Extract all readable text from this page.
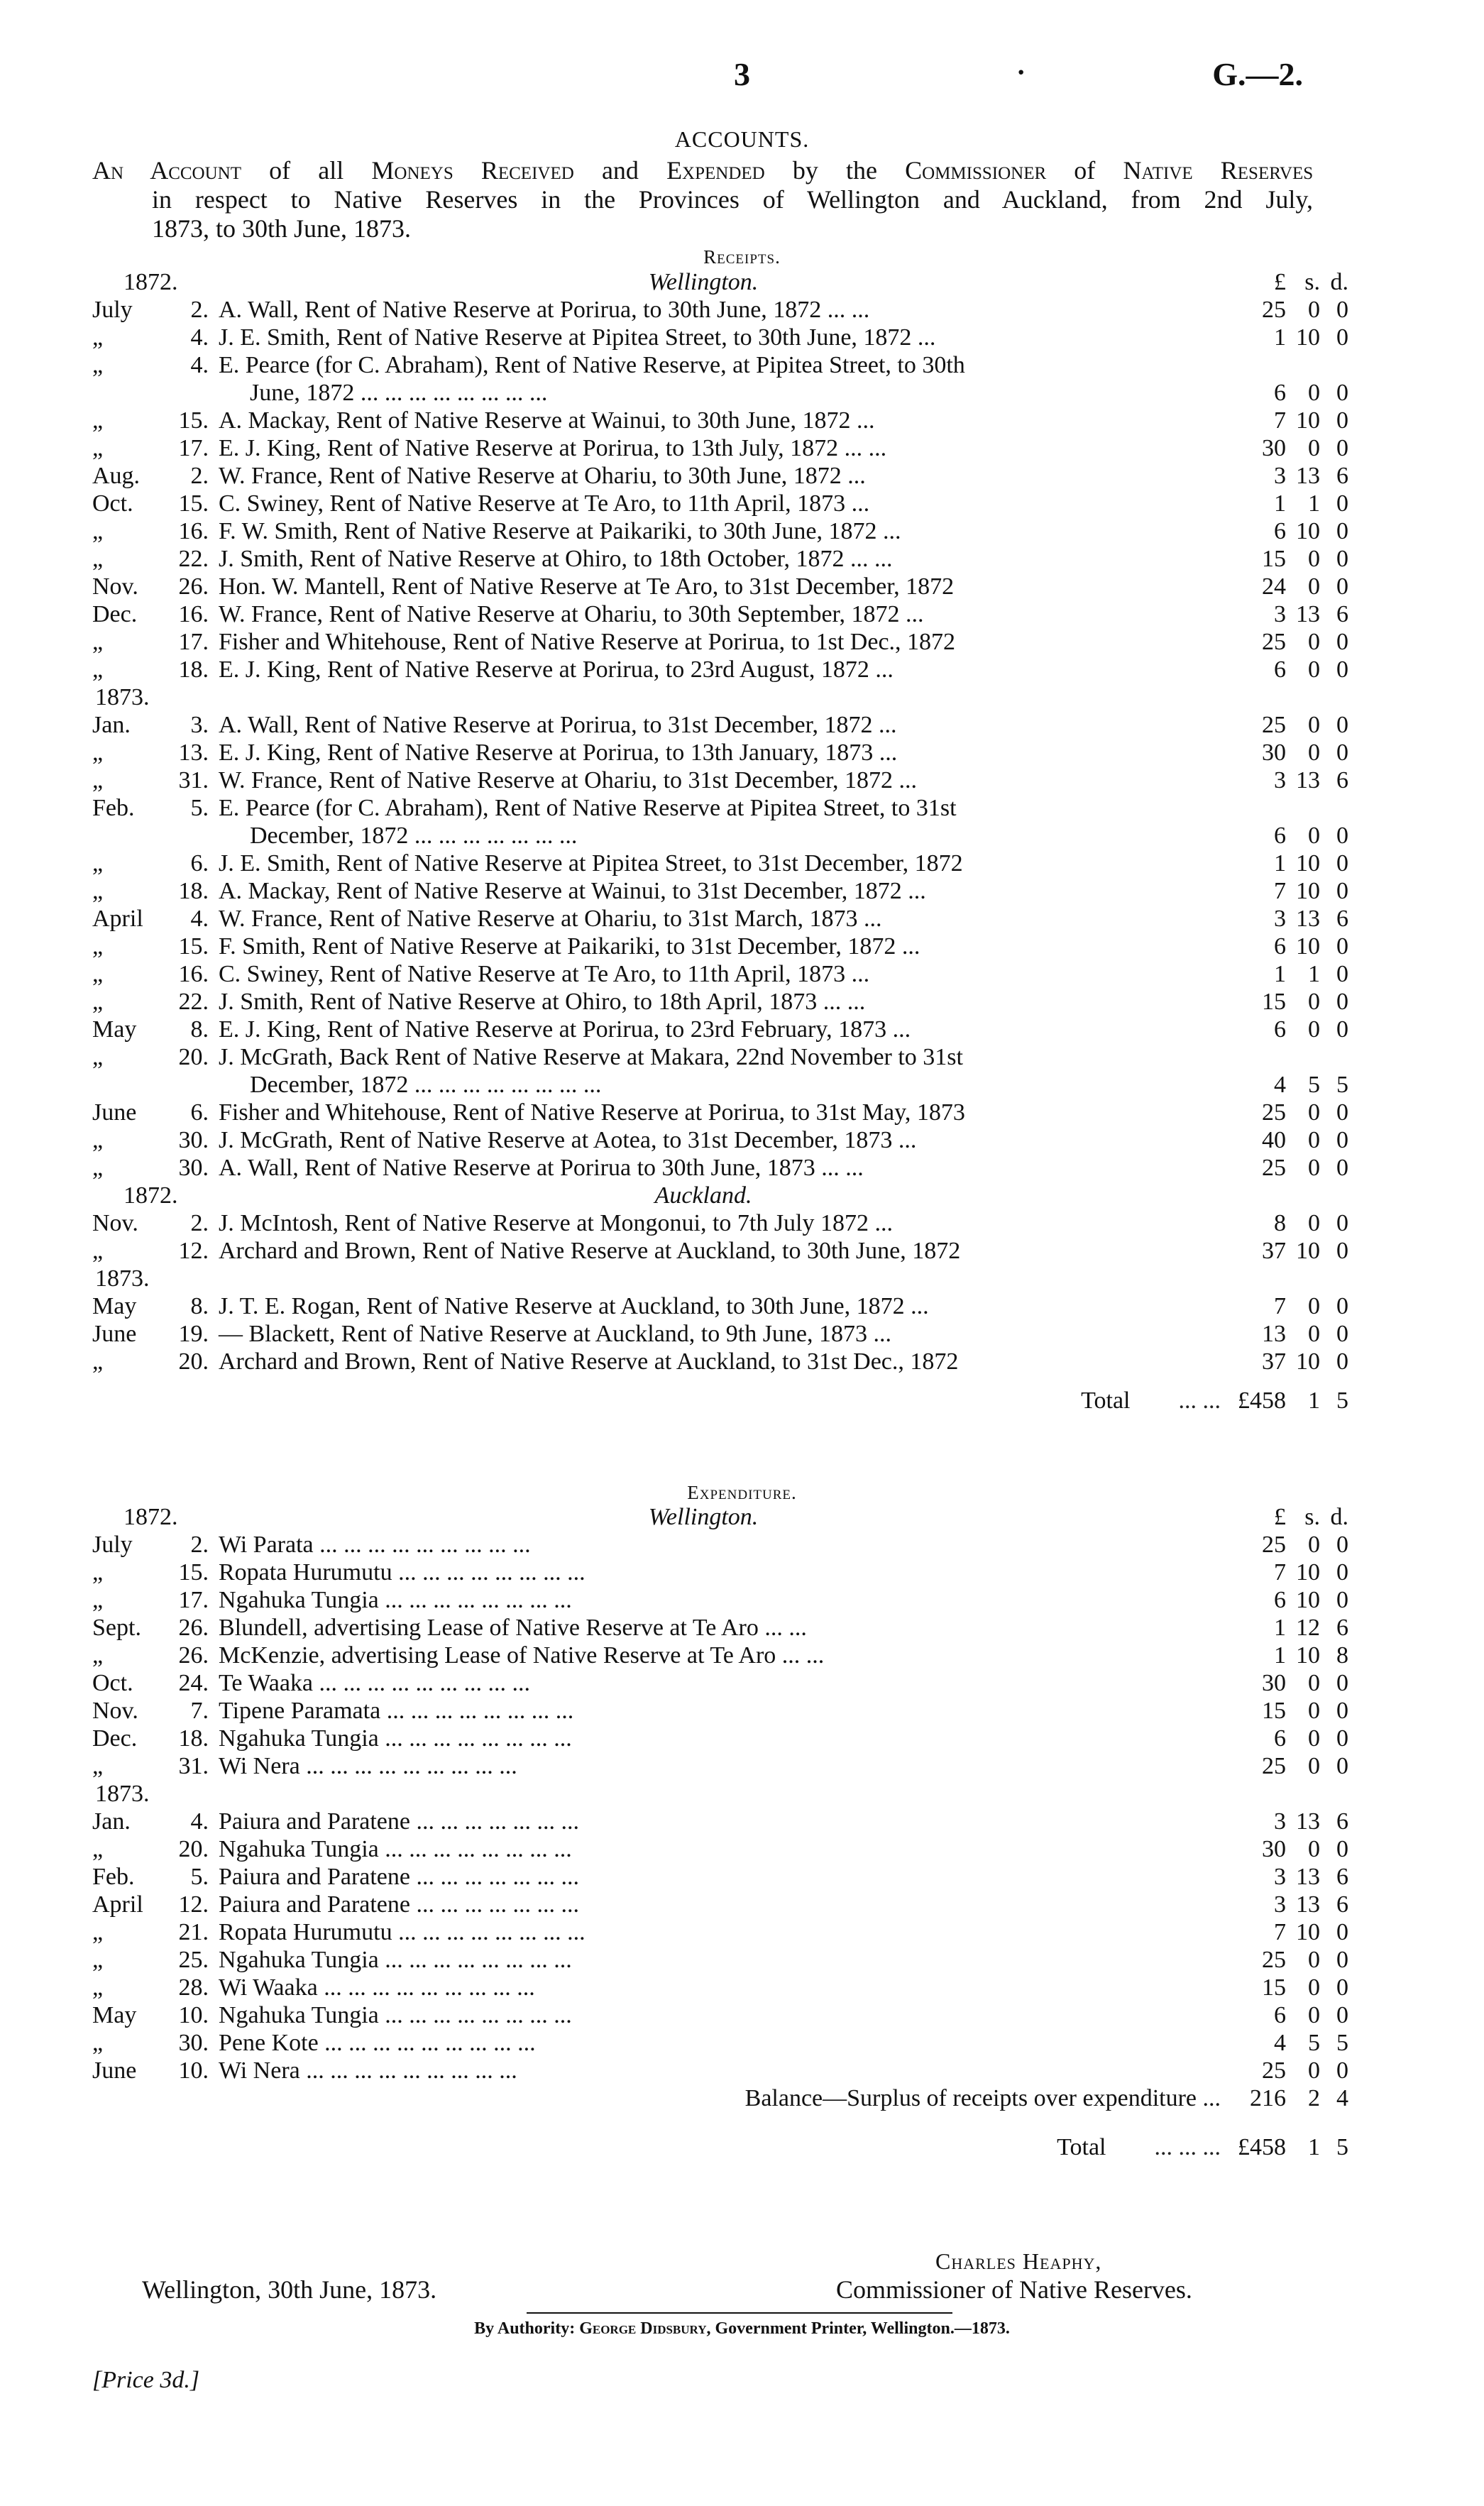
3	·	G.—2.
ACCOUNTS.
An Account of all Moneys Received and Expended by the Commissioner of Native Reserves
in respect to Native Reserves in the Provinces of Wellington and Auckland, from 2nd July,
1873, to 30th June, 1873.
Receipts.
1872.	Wellington.	£ s. d.
July	2. A. Wall, Rent of Native Reserve at Porirua, to 30th June, 1872 ... ...	25 0 0
„	4. J. E. Smith, Rent of Native Reserve at Pipitea Street, to 30th June, 1872 ...	1 10 0
„	4. E. Pearce (for C. Abraham), Rent of Native Reserve, at Pipitea Street, to 30th
June, 1872 ... ... ... ... ... ... ... ...	6 0 0
„	15. A. Mackay, Rent of Native Reserve at Wainui, to 30th June, 1872 ...	7 10 0
„	17. E. J. King, Rent of Native Reserve at Porirua, to 13th July, 1872 ... ...	30 0 0
Aug.	2. W. France, Rent of Native Reserve at Ohariu, to 30th June, 1872 ...	3 13 6
Oct.	15. C. Swiney, Rent of Native Reserve at Te Aro, to 11th April, 1873 ...	1 1 0
„	16. F. W. Smith, Rent of Native Reserve at Paikariki, to 30th June, 1872 ...	6 10 0
„	22. J. Smith, Rent of Native Reserve at Ohiro, to 18th October, 1872 ... ...	15 0 0
Nov.	26. Hon. W. Mantell, Rent of Native Reserve at Te Aro, to 31st December, 1872	24 0 0
Dec.	16. W. France, Rent of Native Reserve at Ohariu, to 30th September, 1872 ...	3 13 6
„	17. Fisher and Whitehouse, Rent of Native Reserve at Porirua, to 1st Dec., 1872	25 0 0
„	18. E. J. King, Rent of Native Reserve at Porirua, to 23rd August, 1872 ...	6 0 0
1873.
Jan.	3. A. Wall, Rent of Native Reserve at Porirua, to 31st December, 1872 ...	25 0 0
„	13. E. J. King, Rent of Native Reserve at Porirua, to 13th January, 1873 ...	30 0 0
„	31. W. France, Rent of Native Reserve at Ohariu, to 31st December, 1872 ...	3 13 6
Feb.	5. E. Pearce (for C. Abraham), Rent of Native Reserve at Pipitea Street, to 31st
December, 1872 ... ... ... ... ... ... ...	6 0 0
„	6. J. E. Smith, Rent of Native Reserve at Pipitea Street, to 31st December, 1872	1 10 0
„	18. A. Mackay, Rent of Native Reserve at Wainui, to 31st December, 1872 ...	7 10 0
April	4. W. France, Rent of Native Reserve at Ohariu, to 31st March, 1873 ...	3 13 6
„	15. F. Smith, Rent of Native Reserve at Paikariki, to 31st December, 1872 ...	6 10 0
„	16. C. Swiney, Rent of Native Reserve at Te Aro, to 11th April, 1873 ...	1 1 0
„	22. J. Smith, Rent of Native Reserve at Ohiro, to 18th April, 1873 ... ...	15 0 0
May	8. E. J. King, Rent of Native Reserve at Porirua, to 23rd February, 1873 ...	6 0 0
„	20. J. McGrath, Back Rent of Native Reserve at Makara, 22nd November to 31st
December, 1872 ... ... ... ... ... ... ... ...	4 5 5
June	6. Fisher and Whitehouse, Rent of Native Reserve at Porirua, to 31st May, 1873	25 0 0
„	30. J. McGrath, Rent of Native Reserve at Aotea, to 31st December, 1873 ...	40 0 0
„	30. A. Wall, Rent of Native Reserve at Porirua to 30th June, 1873 ... ...	25 0 0
1872.	Auckland.
Nov.	2. J. McIntosh, Rent of Native Reserve at Mongonui, to 7th July 1872 ...	8 0 0
„	12. Archard and Brown, Rent of Native Reserve at Auckland, to 30th June, 1872	37 10 0
1873.
May	8. J. T. E. Rogan, Rent of Native Reserve at Auckland, to 30th June, 1872 ...	7 0 0
June	19. — Blackett, Rent of Native Reserve at Auckland, to 9th June, 1873 ...	13 0 0
„	20. Archard and Brown, Rent of Native Reserve at Auckland, to 31st Dec., 1872	37 10 0
Total ... ... £458 1 5
Expenditure.
1872.	Wellington.	£ s. d.
July	2. Wi Parata ... ... ... ... ... ... ... ... ...	25 0 0
„	15. Ropata Hurumutu ... ... ... ... ... ... ... ...	7 10 0
„	17. Ngahuka Tungia ... ... ... ... ... ... ... ...	6 10 0
Sept.	26. Blundell, advertising Lease of Native Reserve at Te Aro ... ...	1 12 6
„	26. McKenzie, advertising Lease of Native Reserve at Te Aro ... ...	1 10 8
Oct.	24. Te Waaka ... ... ... ... ... ... ... ... ...	30 0 0
Nov.	7. Tipene Paramata ... ... ... ... ... ... ... ...	15 0 0
Dec.	18. Ngahuka Tungia ... ... ... ... ... ... ... ...	6 0 0
„	31. Wi Nera ... ... ... ... ... ... ... ... ...	25 0 0
1873.
Jan.	4. Paiura and Paratene ... ... ... ... ... ... ...	3 13 6
„	20. Ngahuka Tungia ... ... ... ... ... ... ... ...	30 0 0
Feb.	5. Paiura and Paratene ... ... ... ... ... ... ...	3 13 6
April	12. Paiura and Paratene ... ... ... ... ... ... ...	3 13 6
„	21. Ropata Hurumutu ... ... ... ... ... ... ... ...	7 10 0
„	25. Ngahuka Tungia ... ... ... ... ... ... ... ...	25 0 0
„	28. Wi Waaka ... ... ... ... ... ... ... ... ...	15 0 0
May	10. Ngahuka Tungia ... ... ... ... ... ... ... ...	6 0 0
„	30. Pene Kote ... ... ... ... ... ... ... ... ...	4 5 5
June	10. Wi Nera ... ... ... ... ... ... ... ... ...	25 0 0
Balance—Surplus of receipts over expenditure ...	216 2 4
Total ... ... ... £458 1 5
Charles Heaphy,
Commissioner of Native Reserves.
Wellington, 30th June, 1873.
By Authority: George Didsbury, Government Printer, Wellington.—1873.
[Price 3d.]
